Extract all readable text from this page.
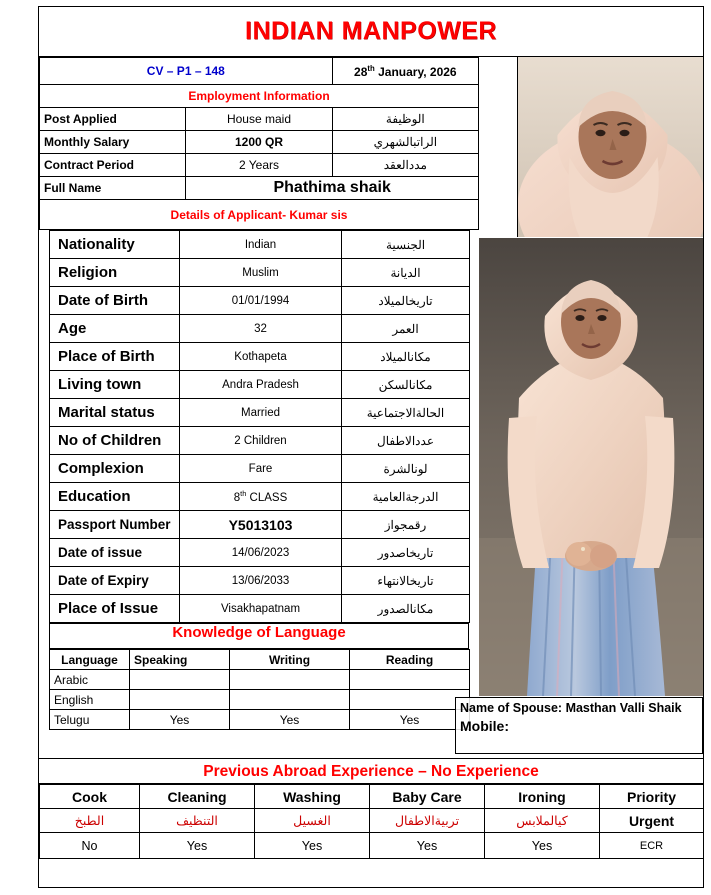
INDIAN MANPOWER
CV – P1 – 148		28th January, 2026
Employment Information		
Post Applied	House maid	الوظيفة
Monthly Salary	1200 QR	الراتبالشهري
Contract Period	2 Years	مددالعقد
Full Name	Phathima shaik	
Details of Applicant- Kumar sis		
Nationality	Indian	الجنسية
Religion	Muslim	الديانة
Date of Birth	01/01/1994	تاريخالميلاد
Age	32	العمر
Place of Birth	Kothapeta	مكانالميلاد
Living town	Andra Pradesh	مكانالسكن
Marital status	Married	الحالةالاجتماعية
No of Children	2 Children	عددالاطفال
Complexion	Fare	لونالشرة
Education	8th CLASS	الدرجةالعامية
Passport Number	Y5013103	رقمجواز
Date of issue	14/06/2023	تاريخاصدور
Date of Expiry	13/06/2033	تاريخالانتهاء
Place of Issue	Visakhapatnam	مكانالصدور
Knowledge of Language
Language	Speaking	Writing	Reading
Arabic			
English			
Telugu	Yes	Yes	Yes
Name of Spouse: Masthan Valli Shaik
Mobile:
Previous Abroad Experience – No Experience
Cook	Cleaning	Washing	Baby Care	Ironing	Priority
الطبخ	التنظيف	الغسيل	تربيةالاطفال	كيالملابس	Urgent
No	Yes	Yes	Yes	Yes	ECR
